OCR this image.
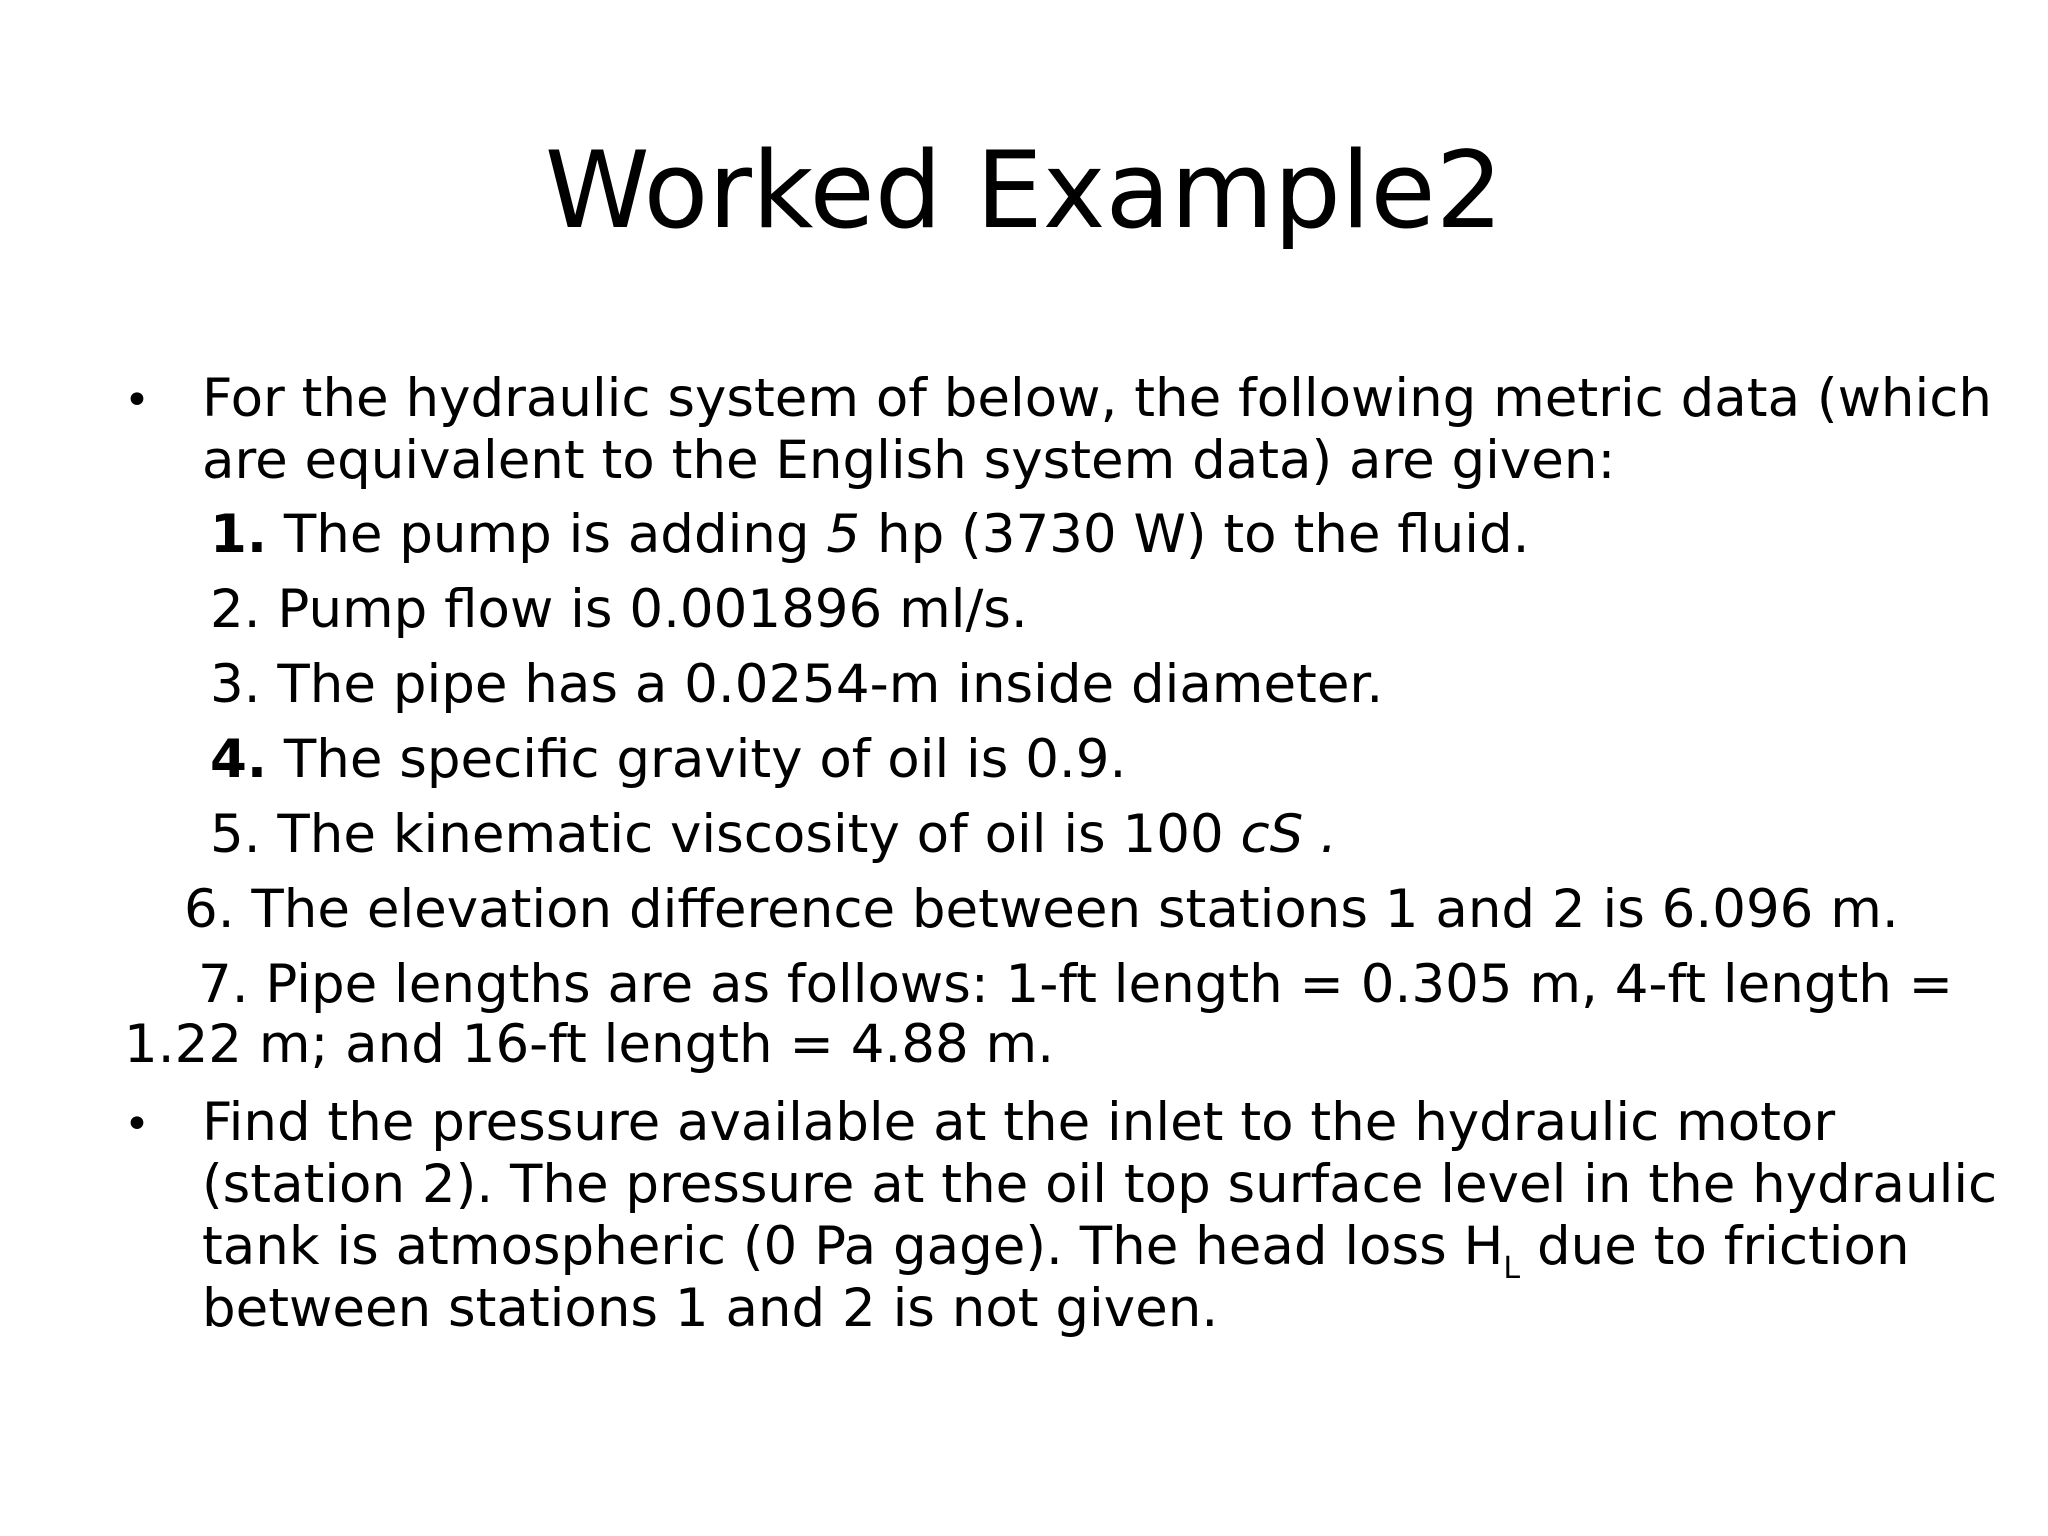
Worked Example2
• For the hydraulic system of below, the following metric data (which
are equivalent to the English system data) are given:
1. The pump is adding 5 hp (3730 W) to the fluid.
2. Pump flow is 0.001896 ml/s.
3. The pipe has a 0.0254-m inside diameter.
4. The specific gravity of oil is 0.9.
5. The kinematic viscosity of oil is 100 cS .
6. The elevation difference between stations 1 and 2 is 6.096 m.
7. Pipe lengths are as follows: 1-ft length = 0.305 m, 4-ft length =
1.22 m; and 16-ft length = 4.88 m.
• Find the pressure available at the inlet to the hydraulic motor
(station 2). The pressure at the oil top surface level in the hydraulic
tank is atmospheric (0 Pa gage). The head loss $H_L$ due to friction
between stations 1 and 2 is not given.
